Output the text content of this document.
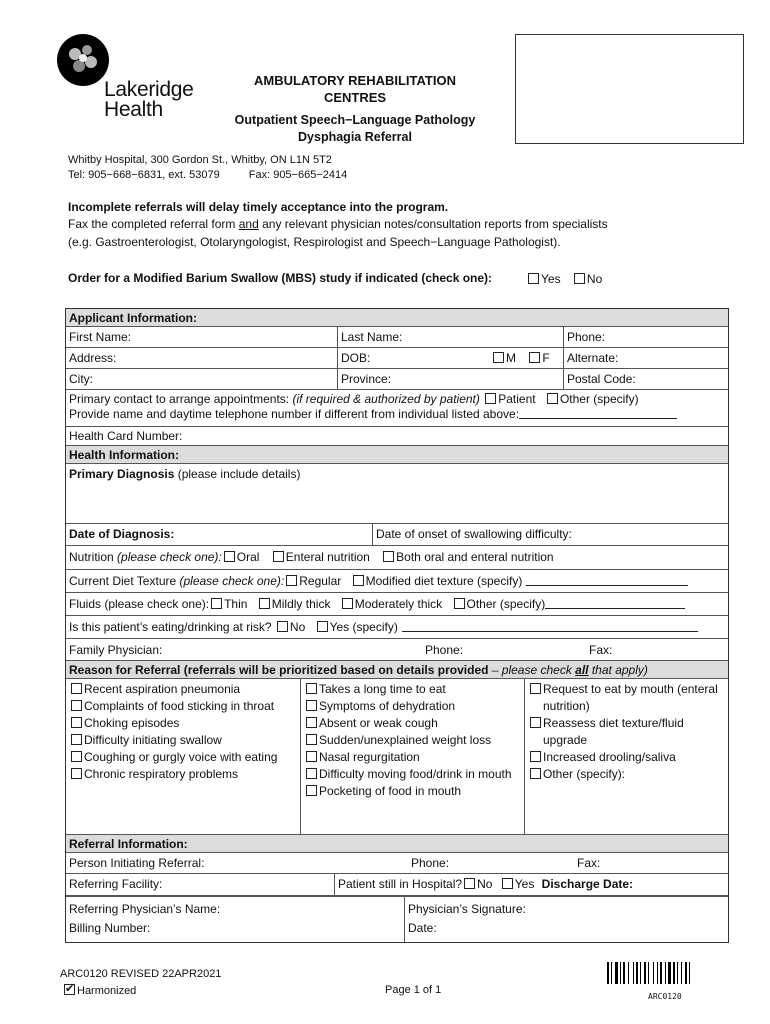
Lakeridge
Health
AMBULATORY REHABILITATION
CENTRES
Outpatient Speech−Language Pathology
Dysphagia Referral
Whitby Hospital, 300 Gordon St., Whitby, ON L1N 5T2
Tel: 905−668−6831, ext. 53079	Fax: 905−665−2414
Incomplete referrals will delay timely acceptance into the program.
Fax the completed referral form and any relevant physician notes/consultation reports from specialists
(e.g. Gastroenterologist, Otolaryngologist, Respirologist and Speech−Language Pathologist).
Order for a Modified Barium Swallow (MBS) study if indicated (check one):	Yes No
Applicant Information:
First Name:	Last Name:	Phone:
Address:	DOB:	M F	Alternate:
City:	Province:	Postal Code:
Primary contact to arrange appointments: (if required & authorized by patient) Patient Other (specify)
Provide name and daytime telephone number if different from individual listed above:
Health Card Number:
Health Information:
Primary Diagnosis (please include details)
Date of Diagnosis:	Date of onset of swallowing difficulty:
Nutrition (please check one): Oral Enteral nutrition Both oral and enteral nutrition
Current Diet Texture (please check one): Regular Modified diet texture (specify)
Fluids (please check one): Thin Mildly thick Moderately thick Other (specify)
Is this patient’s eating/drinking at risk? No Yes (specify)
Family Physician:	Phone:	Fax:
Reason for Referral (referrals will be prioritized based on details provided – please check all that apply)
Recent aspiration pneumonia
Complaints of food sticking in throat
Choking episodes
Difficulty initiating swallow
Coughing or gurgly voice with eating
Chronic respiratory problems
Takes a long time to eat
Symptoms of dehydration
Absent or weak cough
Sudden/unexplained weight loss
Nasal regurgitation
Difficulty moving food/drink in mouth
Pocketing of food in mouth
Request to eat by mouth (enteral
nutrition)
Reassess diet texture/fluid
upgrade
Increased drooling/saliva
Other (specify):
Referral Information:
Person Initiating Referral:	Phone:	Fax:
Referring Facility:	Patient still in Hospital? No Yes Discharge Date:
Referring Physician’s Name:
Billing Number:
Physician’s Signature:
Date:
ARC0120 REVISED 22APR2021
✔ Harmonized	Page 1 of 1
ARC0120
